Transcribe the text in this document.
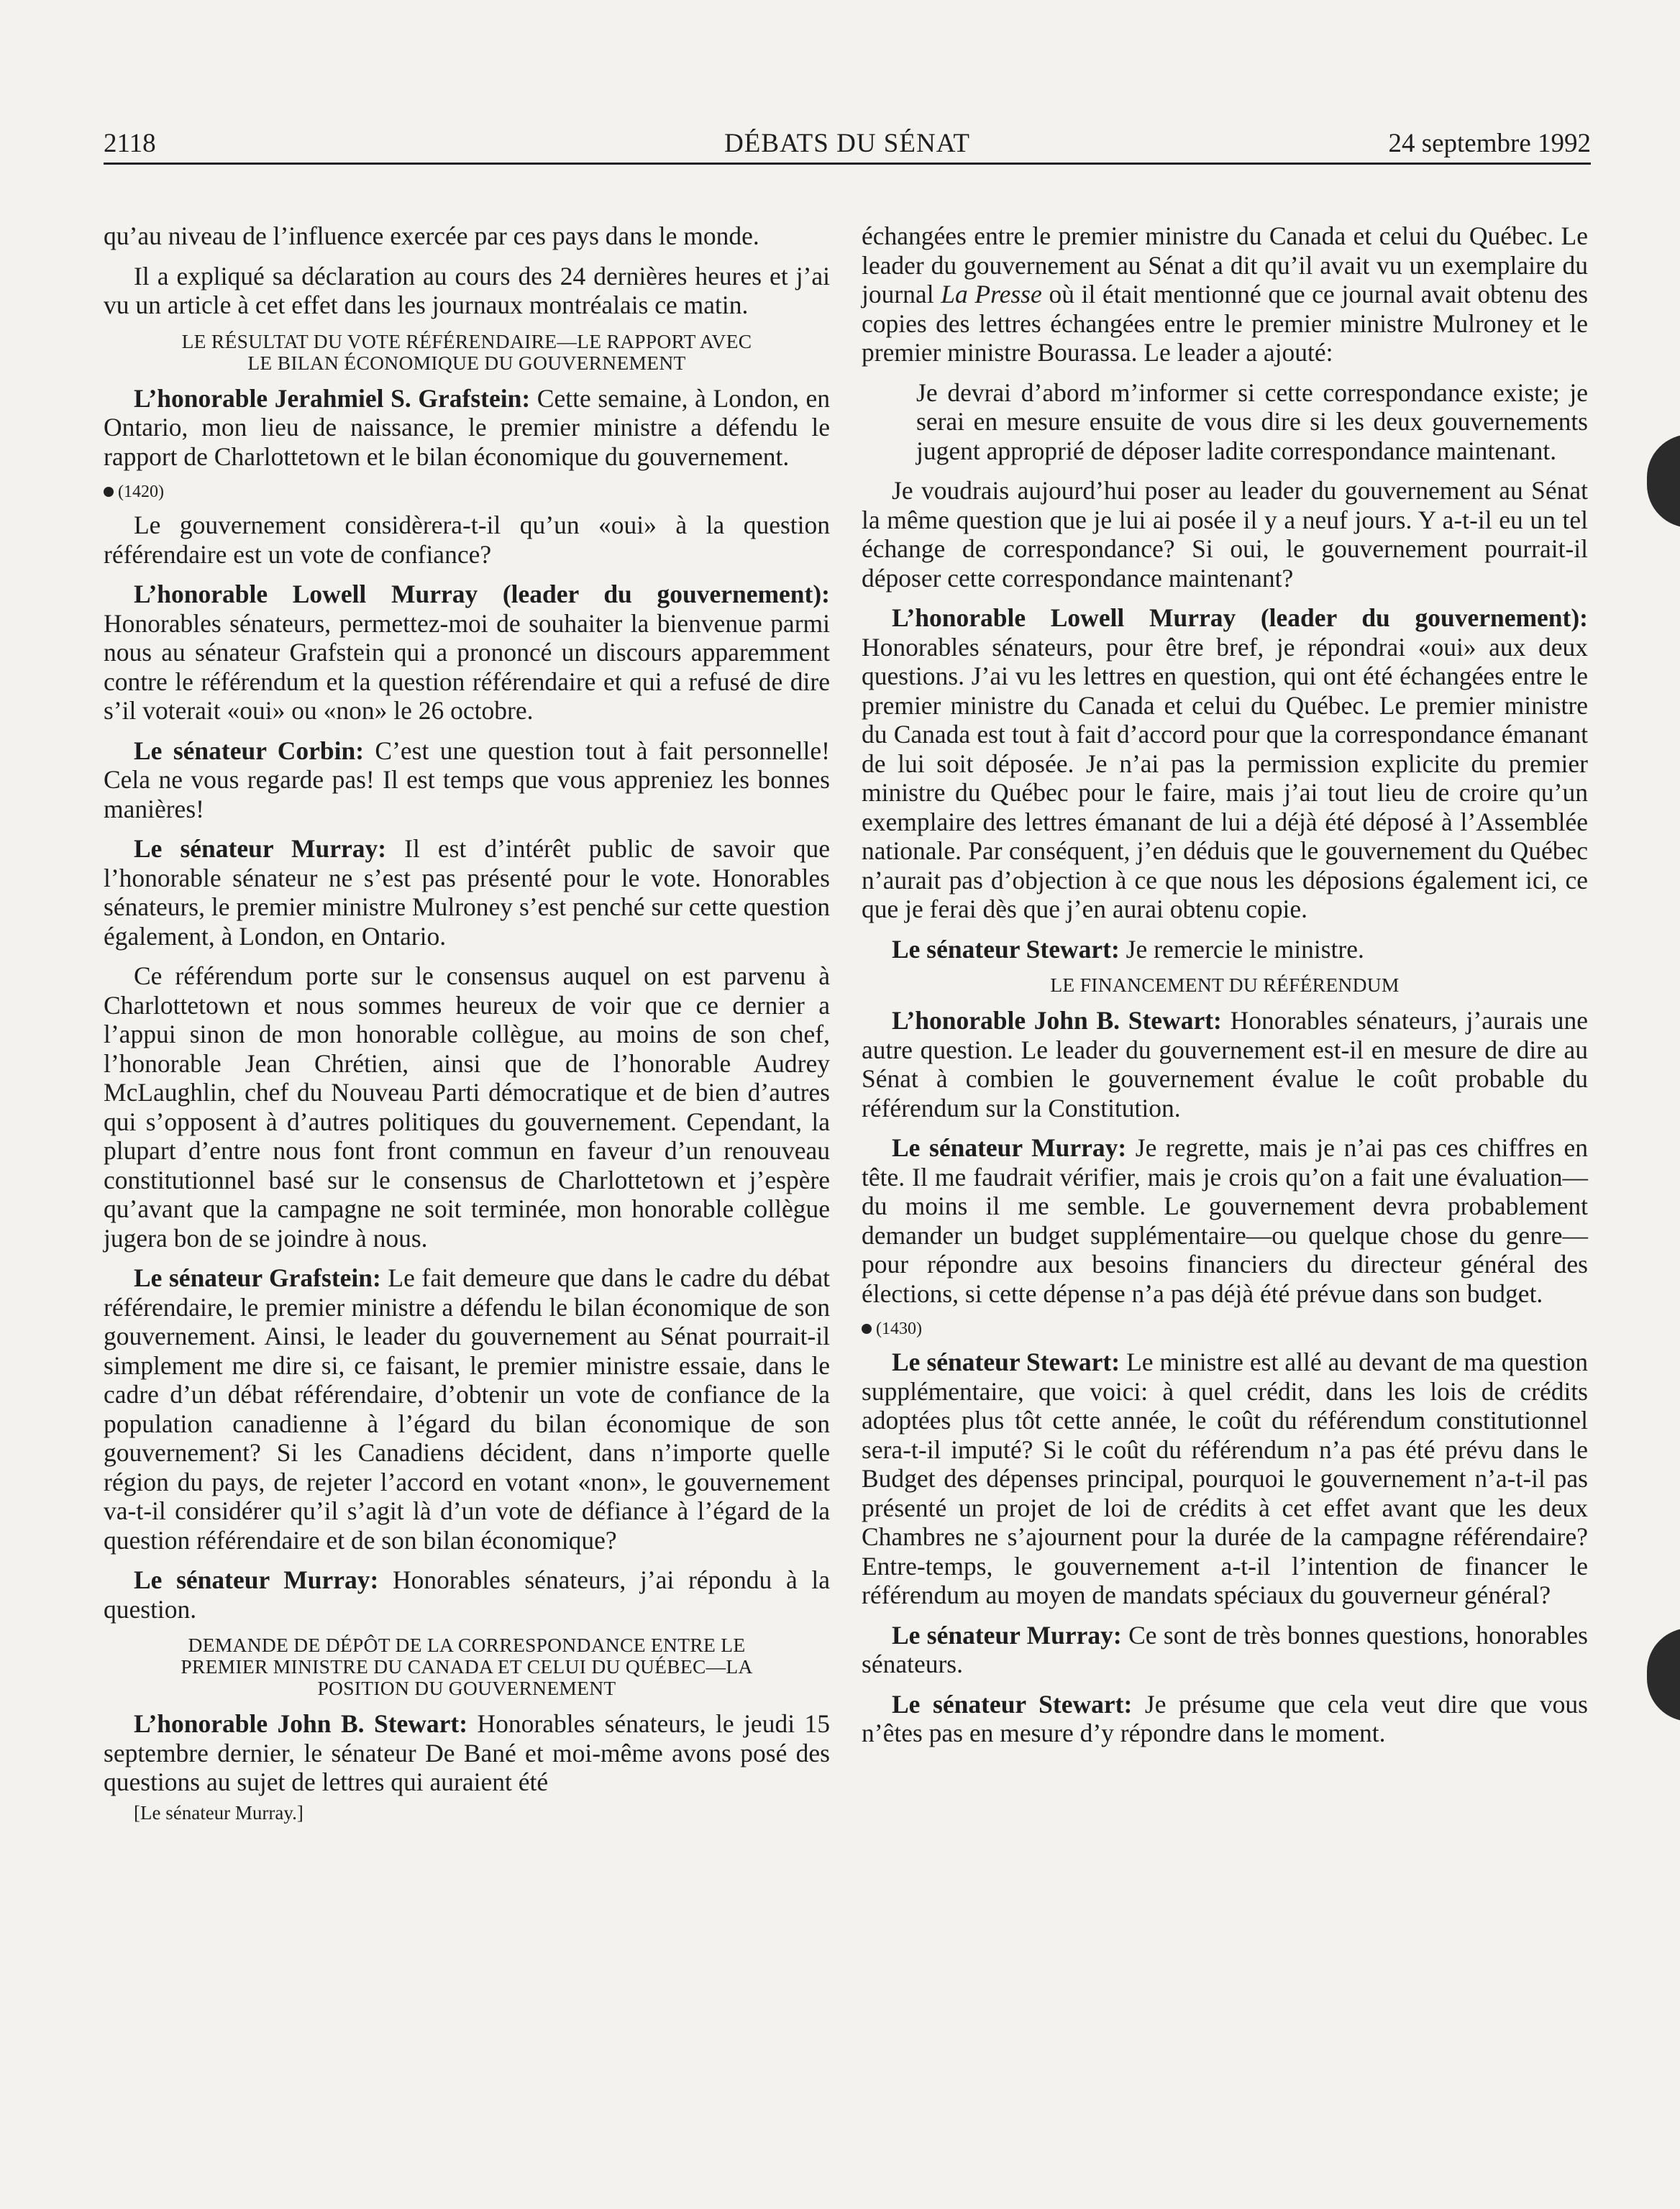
2118	DÉBATS DU SÉNAT	24 septembre 1992

qu’au niveau de l’influence exercée par ces pays dans le monde.

Il a expliqué sa déclaration au cours des 24 dernières heures et j’ai vu un article à cet effet dans les journaux montréalais ce matin.

LE RÉSULTAT DU VOTE RÉFÉRENDAIRE—LE RAPPORT AVEC
LE BILAN ÉCONOMIQUE DU GOUVERNEMENT

L’honorable Jerahmiel S. Grafstein: Cette semaine, à London, en Ontario, mon lieu de naissance, le premier ministre a défendu le rapport de Charlottetown et le bilan économique du gouvernement.

(1420)

Le gouvernement considèrera-t-il qu’un «oui» à la question référendaire est un vote de confiance?

L’honorable Lowell Murray (leader du gouvernement): Honorables sénateurs, permettez-moi de souhaiter la bienvenue parmi nous au sénateur Grafstein qui a prononcé un discours apparemment contre le référendum et la question référendaire et qui a refusé de dire s’il voterait «oui» ou «non» le 26 octobre.

Le sénateur Corbin: C’est une question tout à fait personnelle! Cela ne vous regarde pas! Il est temps que vous appreniez les bonnes manières!

Le sénateur Murray: Il est d’intérêt public de savoir que l’honorable sénateur ne s’est pas présenté pour le vote. Honorables sénateurs, le premier ministre Mulroney s’est penché sur cette question également, à London, en Ontario.

Ce référendum porte sur le consensus auquel on est parvenu à Charlottetown et nous sommes heureux de voir que ce dernier a l’appui sinon de mon honorable collègue, au moins de son chef, l’honorable Jean Chrétien, ainsi que de l’honorable Audrey McLaughlin, chef du Nouveau Parti démocratique et de bien d’autres qui s’opposent à d’autres politiques du gouvernement. Cependant, la plupart d’entre nous font front commun en faveur d’un renouveau constitutionnel basé sur le consensus de Charlottetown et j’espère qu’avant que la campagne ne soit terminée, mon honorable collègue jugera bon de se joindre à nous.

Le sénateur Grafstein: Le fait demeure que dans le cadre du débat référendaire, le premier ministre a défendu le bilan économique de son gouvernement. Ainsi, le leader du gouvernement au Sénat pourrait-il simplement me dire si, ce faisant, le premier ministre essaie, dans le cadre d’un débat référendaire, d’obtenir un vote de confiance de la population canadienne à l’égard du bilan économique de son gouvernement? Si les Canadiens décident, dans n’importe quelle région du pays, de rejeter l’accord en votant «non», le gouvernement va-t-il considérer qu’il s’agit là d’un vote de défiance à l’égard de la question référendaire et de son bilan économique?

Le sénateur Murray: Honorables sénateurs, j’ai répondu à la question.

DEMANDE DE DÉPÔT DE LA CORRESPONDANCE ENTRE LE
PREMIER MINISTRE DU CANADA ET CELUI DU QUÉBEC—LA
POSITION DU GOUVERNEMENT

L’honorable John B. Stewart: Honorables sénateurs, le jeudi 15 septembre dernier, le sénateur De Bané et moi-même avons posé des questions au sujet de lettres qui auraient été

[Le sénateur Murray.]

échangées entre le premier ministre du Canada et celui du Québec. Le leader du gouvernement au Sénat a dit qu’il avait vu un exemplaire du journal La Presse où il était mentionné que ce journal avait obtenu des copies des lettres échangées entre le premier ministre Mulroney et le premier ministre Bourassa. Le leader a ajouté:

Je devrai d’abord m’informer si cette correspondance existe; je serai en mesure ensuite de vous dire si les deux gouvernements jugent approprié de déposer ladite correspondance maintenant.

Je voudrais aujourd’hui poser au leader du gouvernement au Sénat la même question que je lui ai posée il y a neuf jours. Y a-t-il eu un tel échange de correspondance? Si oui, le gouvernement pourrait-il déposer cette correspondance maintenant?

L’honorable Lowell Murray (leader du gouvernement): Honorables sénateurs, pour être bref, je répondrai «oui» aux deux questions. J’ai vu les lettres en question, qui ont été échangées entre le premier ministre du Canada et celui du Québec. Le premier ministre du Canada est tout à fait d’accord pour que la correspondance émanant de lui soit déposée. Je n’ai pas la permission explicite du premier ministre du Québec pour le faire, mais j’ai tout lieu de croire qu’un exemplaire des lettres émanant de lui a déjà été déposé à l’Assemblée nationale. Par conséquent, j’en déduis que le gouvernement du Québec n’aurait pas d’objection à ce que nous les déposions également ici, ce que je ferai dès que j’en aurai obtenu copie.

Le sénateur Stewart: Je remercie le ministre.

LE FINANCEMENT DU RÉFÉRENDUM

L’honorable John B. Stewart: Honorables sénateurs, j’aurais une autre question. Le leader du gouvernement est-il en mesure de dire au Sénat à combien le gouvernement évalue le coût probable du référendum sur la Constitution.

Le sénateur Murray: Je regrette, mais je n’ai pas ces chiffres en tête. Il me faudrait vérifier, mais je crois qu’on a fait une évaluation—du moins il me semble. Le gouvernement devra probablement demander un budget supplémentaire—ou quelque chose du genre—pour répondre aux besoins financiers du directeur général des élections, si cette dépense n’a pas déjà été prévue dans son budget.

(1430)

Le sénateur Stewart: Le ministre est allé au devant de ma question supplémentaire, que voici: à quel crédit, dans les lois de crédits adoptées plus tôt cette année, le coût du référendum constitutionnel sera-t-il imputé? Si le coût du référendum n’a pas été prévu dans le Budget des dépenses principal, pourquoi le gouvernement n’a-t-il pas présenté un projet de loi de crédits à cet effet avant que les deux Chambres ne s’ajournent pour la durée de la campagne référendaire? Entre-temps, le gouvernement a-t-il l’intention de financer le référendum au moyen de mandats spéciaux du gouverneur général?

Le sénateur Murray: Ce sont de très bonnes questions, honorables sénateurs.

Le sénateur Stewart: Je présume que cela veut dire que vous n’êtes pas en mesure d’y répondre dans le moment.
